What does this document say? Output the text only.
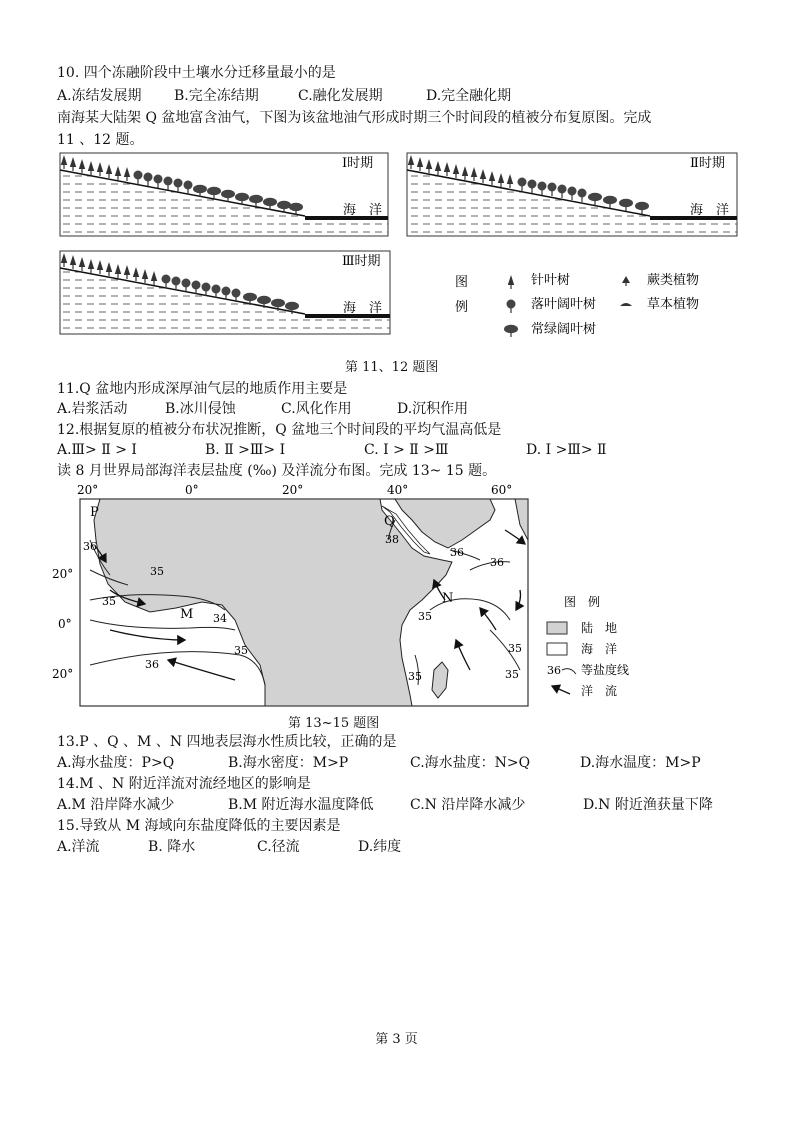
10. 四个冻融阶段中土壤水分迁移量最小的是
A.冻结发展期 B.完全冻结期	C.融化发展期	D.完全融化期
南海某大陆架 Q 盆地富含油气，下图为该盆地油气形成时期三个时间段的植被分布复原图。完成
11 、12 题。
Ⅰ时期
海　洋
Ⅱ时期
海　洋
Ⅲ时期
海　洋
图
例
针叶树
落叶阔叶树
常绿阔叶树
蕨类植物
草本植物
第 11、12 题图
11.Q 盆地内形成深厚油气层的地质作用主要是
A.岩浆活动	B.冰川侵蚀	C.风化作用	D.沉积作用
12.根据复原的植被分布状况推断，Q 盆地三个时间段的平均气温高低是
A.Ⅲ> Ⅱ > Ⅰ	B. Ⅱ >Ⅲ> Ⅰ	C. Ⅰ > Ⅱ >Ⅲ	D. Ⅰ >Ⅲ> Ⅱ
读 8 月世界局部海洋表层盐度 (‰) 及洋流分布图。完成 13~ 15 题。
20°	0°	20°	40°	60°
20°
0°
20°
36
35
35
34
35
36
38
36
36
35
35
35	35
P
Q
M
N	图　例
陆　地
海　洋
36 等盐度线
洋　流
第 13~15 题图
13.P 、Q 、M 、N 四地表层海水性质比较，正确的是
A.海水盐度：P>Q	B.海水密度：M>P	C.海水盐度：N>Q	D.海水温度：M>P
14.M 、N 附近洋流对流经地区的影响是
A.M 沿岸降水减少	B.M 附近海水温度降低	C.N 沿岸降水减少	D.N 附近渔获量下降
15.导致从 M 海域向东盐度降低的主要因素是
A.洋流	B. 降水	C.径流	D.纬度
第 3 页
